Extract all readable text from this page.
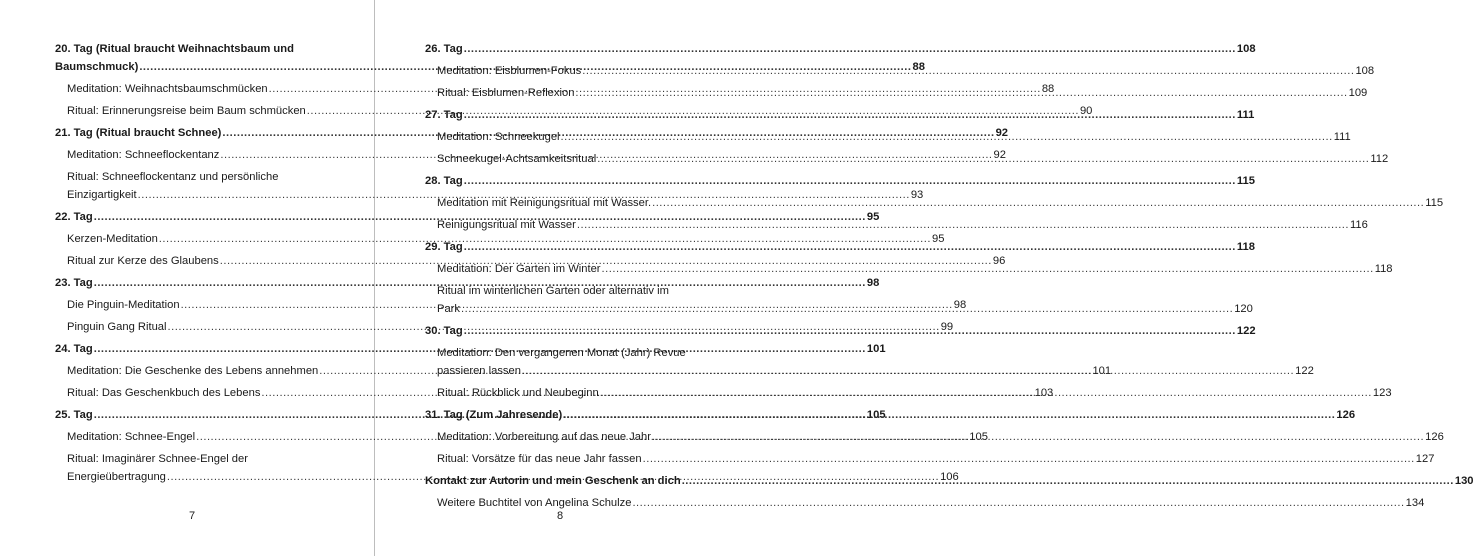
20. Tag (Ritual braucht Weihnachtsbaum und
Baumschmuck) .....	88
Meditation: Weihnachtsbaumschmücken .....	88
Ritual: Erinnerungsreise beim Baum schmücken .....	90
21. Tag (Ritual braucht Schnee) .....	92
Meditation: Schneeflockentanz .....	92
Ritual: Schneeflockentanz und persönliche
Einzigartigkeit .....	93
22. Tag .....	95
Kerzen-Meditation .....	95
Ritual zur Kerze des Glaubens .....	96
23. Tag .....	98
Die Pinguin-Meditation .....	98
Pinguin Gang Ritual .....	99
24. Tag .....	101
Meditation: Die Geschenke des Lebens annehmen .....	101
Ritual: Das Geschenkbuch des Lebens .....	103
25. Tag .....	105
Meditation: Schnee-Engel .....	105
Ritual: Imaginärer Schnee-Engel der
Energieübertragung .....	106
7
26. Tag .....	108
Meditation: Eisblumen-Fokus .....	108
Ritual: Eisblumen-Reflexion .....	109
27. Tag .....	111
Meditation: Schneekugel .....	111
Schneekugel-Achtsamkeitsritual .....	112
28. Tag .....	115
Meditation mit Reinigungsritual mit Wasser. .....	115
Reinigungsritual mit Wasser .....	116
29. Tag .....	118
Meditation: Der Garten im Winter .....	118
Ritual im winterlichen Garten oder alternativ im
Park .....	120
30. Tag .....	122
Meditation: Den vergangenen Monat (Jahr) Revue
passieren lassen .....	122
Ritual: Rückblick und Neubeginn .....	123
31. Tag (Zum Jahresende) .....	126
Meditation: Vorbereitung auf das neue Jahr .....	126
Ritual: Vorsätze für das neue Jahr fassen .....	127
Kontakt zur Autorin und mein Geschenk an dich .....	130
Weitere Buchtitel von Angelina Schulze .....	134
8
